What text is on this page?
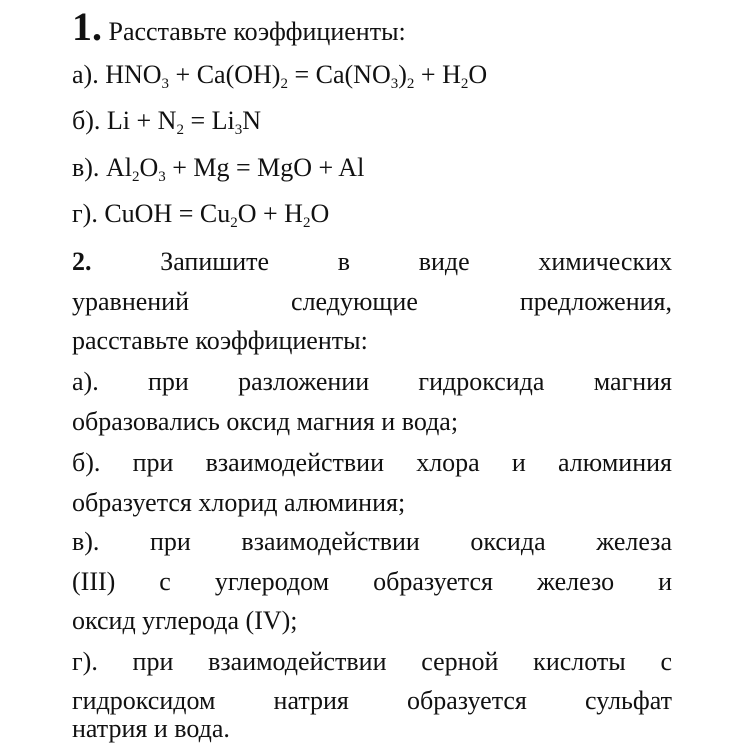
1. Расставьте коэффициенты:
а). $HNO_3 + Ca(OH)_2 = Ca(NO_3)_2 + H_2O$
б). $Li + N_2 = Li_3N$
в). $Al_2O_3 + Mg$ = MgO + Al
г). CuOH = $Cu_2O + H_2O$
2.	Запишите в виде химических
уравнений следующие предложения,
расставьте коэффициенты:
а). при разложении гидроксида магния
образовались оксид магния и вода;
б). при взаимодействии хлора и алюминия
образуется хлорид алюминия;
в). при взаимодействии оксида железа
(III) с углеродом образуется железо и
оксид углерода (IV);
г). при взаимодействии серной кислоты с
гидроксидом натрия образуется сульфат
натрия и вода.
